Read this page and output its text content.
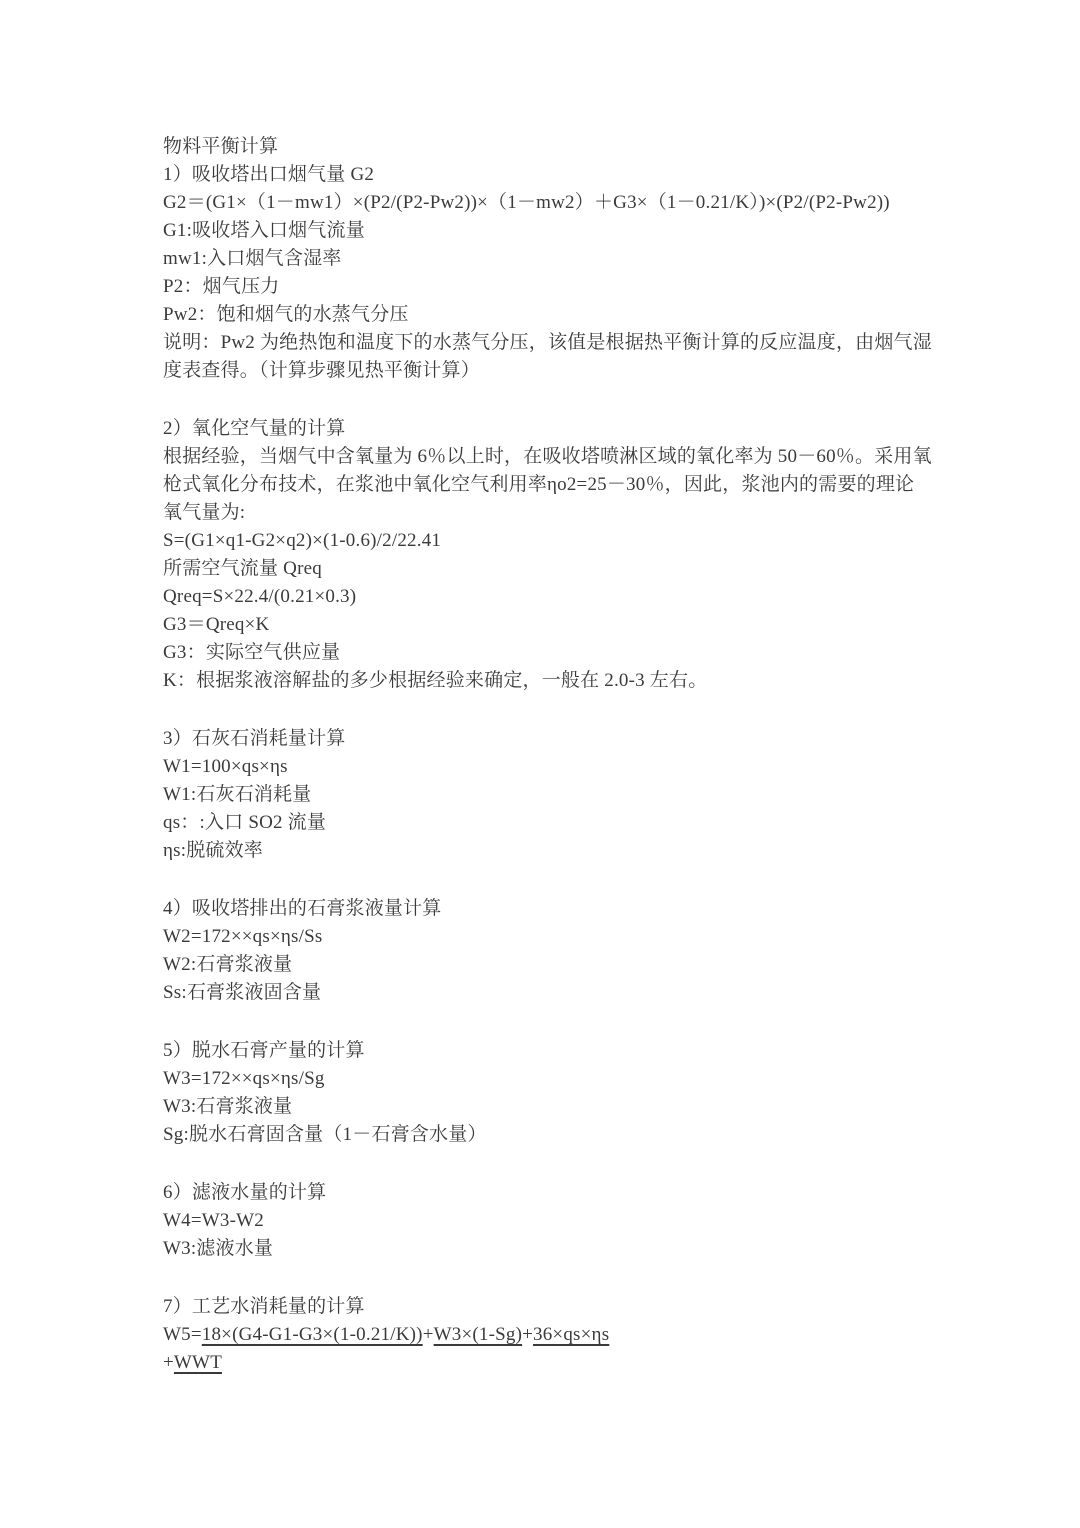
物料平衡计算
1）吸收塔出口烟气量 G2
G2＝(G1×（1－mw1）×(P2/(P2-Pw2))×（1－mw2）＋G3×（1－0.21/K）)×(P2/(P2-Pw2))
G1:吸收塔入口烟气流量
mw1:入口烟气含湿率
P2：烟气压力
Pw2：饱和烟气的水蒸气分压
说明：Pw2 为绝热饱和温度下的水蒸气分压，该值是根据热平衡计算的反应温度，由烟气湿
度表查得。（计算步骤见热平衡计算）
2）氧化空气量的计算
根据经验，当烟气中含氧量为 6％以上时，在吸收塔喷淋区域的氧化率为 50－60％。采用氧
枪式氧化分布技术，在浆池中氧化空气利用率ηo2=25－30％，因此，浆池内的需要的理论
氧气量为:
S=(G1×q1-G2×q2)×(1-0.6)/2/22.41
所需空气流量 Qreq
Qreq=S×22.4/(0.21×0.3)
G3＝Qreq×K
G3：实际空气供应量
K：根据浆液溶解盐的多少根据经验来确定，一般在 2.0-3 左右。
3）石灰石消耗量计算
W1=100×qs×ηs
W1:石灰石消耗量
qs：:入口 SO2 流量
ηs:脱硫效率
4）吸收塔排出的石膏浆液量计算
W2=172××qs×ηs/Ss
W2:石膏浆液量
Ss:石膏浆液固含量
5）脱水石膏产量的计算
W3=172××qs×ηs/Sg
W3:石膏浆液量
Sg:脱水石膏固含量（1－石膏含水量）
6）滤液水量的计算
W4=W3-W2
W3:滤液水量
7）工艺水消耗量的计算
W5=18×(G4-G1-G3×(1-0.21/K))+W3×(1-Sg)+36×qs×ηs
+WWT
